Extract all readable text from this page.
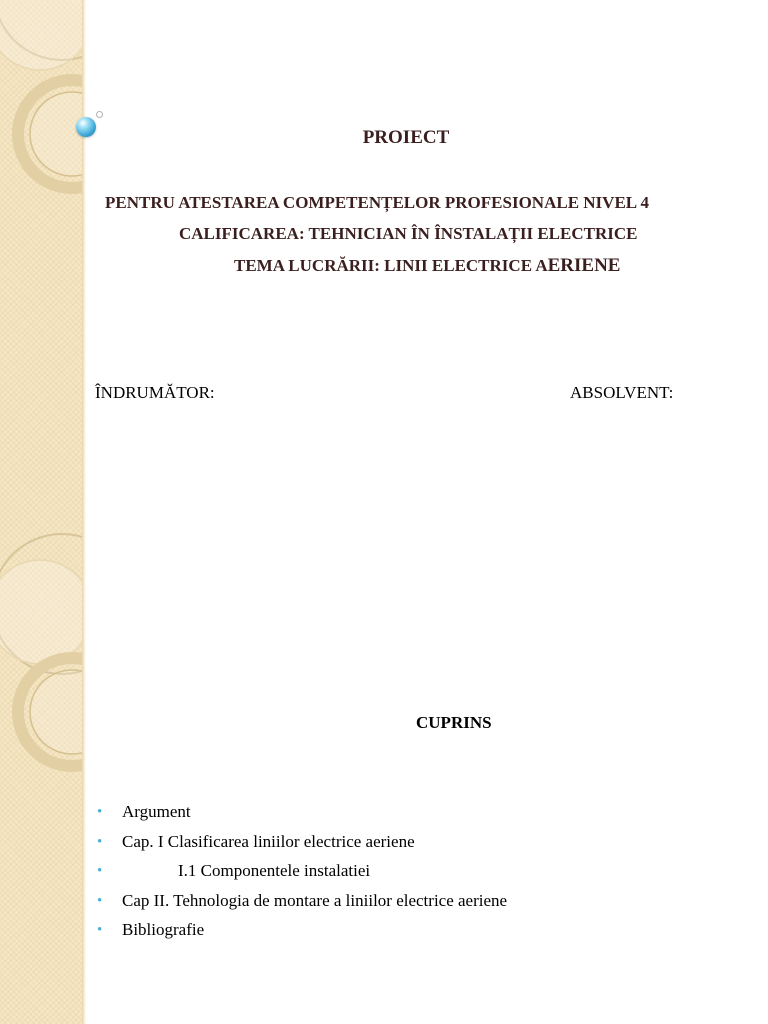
PROIECT
PENTRU ATESTAREA COMPETENȚELOR PROFESIONALE NIVEL 4
CALIFICAREA: TEHNICIAN ÎN ÎNSTALAȚII ELECTRICE
TEMA LUCRĂRII: LINII ELECTRICE AERIENE
ÎNDRUMĂTOR:	ABSOLVENT:
CUPRINS
• Argument
• Cap. I Clasificarea liniilor electrice aeriene
•	I.1 Componentele instalatiei
• Cap II. Tehnologia de montare a liniilor electrice aeriene
• Bibliografie
